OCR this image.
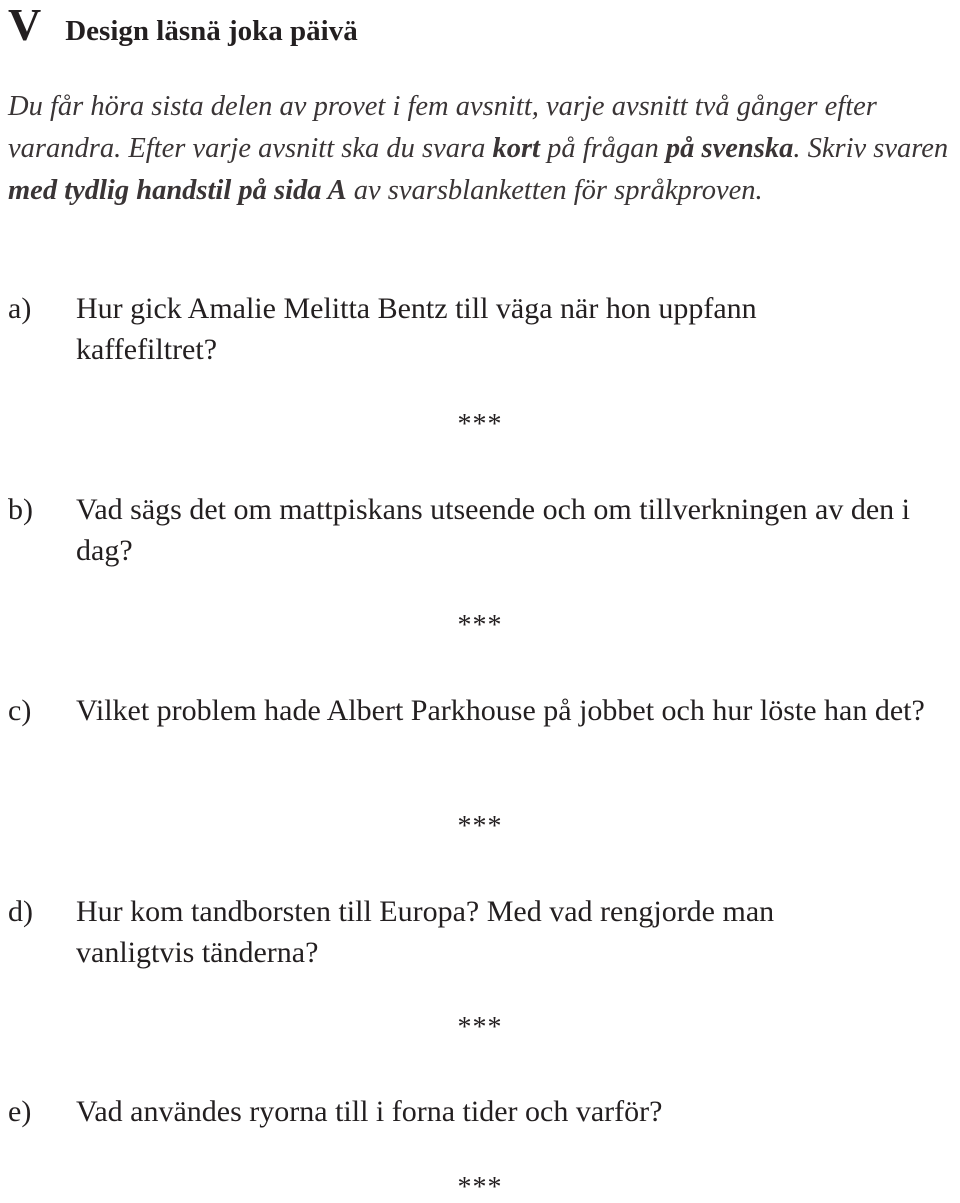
V Design läsnä joka päivä
Du får höra sista delen av provet i fem avsnitt, varje avsnitt två gånger efter varandra. Efter varje avsnitt ska du svara kort på frågan på svenska. Skriv svaren med tydlig handstil på sida A av svarsblanketten för språkproven.
a)	Hur gick Amalie Melitta Bentz till väga när hon uppfann kaffefiltret?
***
b)	Vad sägs det om mattpiskans utseende och om tillverkningen av den i dag?
***
c)	Vilket problem hade Albert Parkhouse på jobbet och hur löste han det?
***
d)	Hur kom tandborsten till Europa? Med vad rengjorde man vanligtvis tänderna?
***
e)	Vad användes ryorna till i forna tider och varför?
***
